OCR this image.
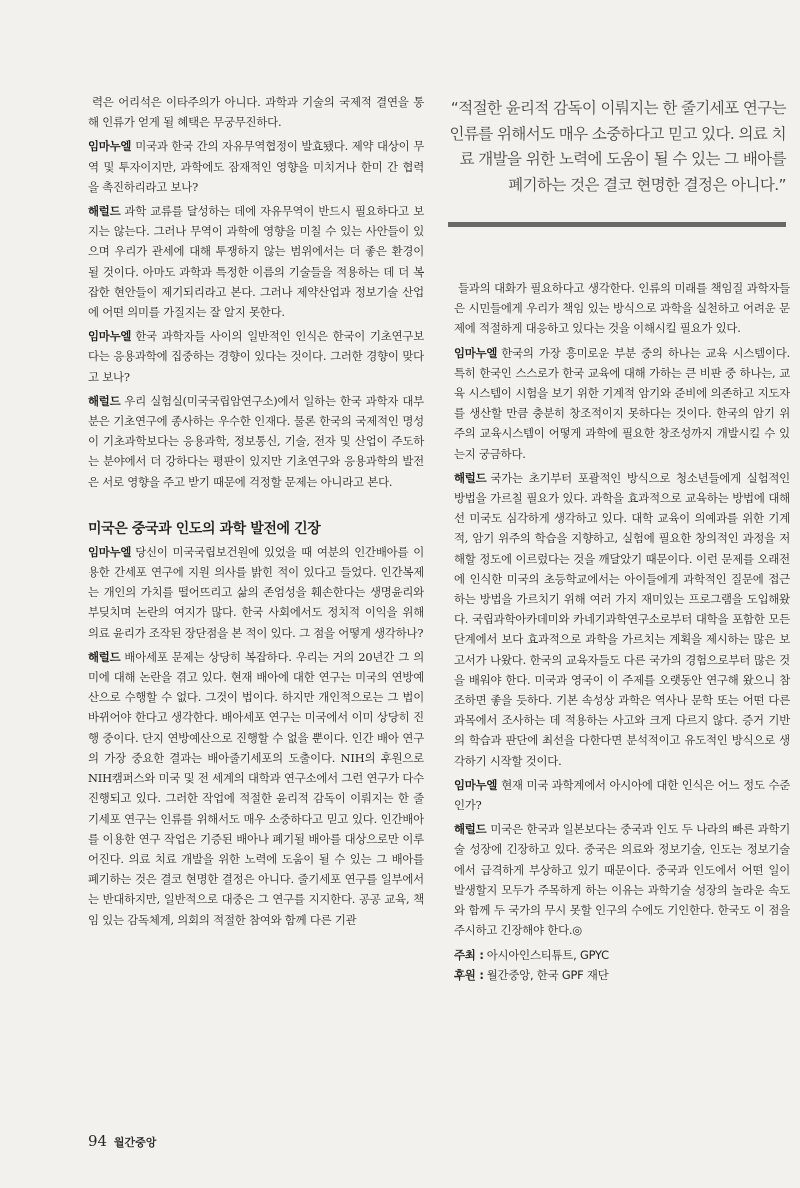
“적절한 윤리적 감독이 이뤄지는 한 줄기세포 연구는 인류를 위해서도 매우 소중하다고 믿고 있다. 의료 치료 개발을 위한 노력에 도움이 될 수 있는 그 배아를 폐기하는 것은 결코 현명한 결정은 아니다.”

력은 어리석은 이타주의가 아니다. 과학과 기술의 국제적 결연을 통해 인류가 얻게 될 혜택은 무궁무진하다.

임마누엘 미국과 한국 간의 자유무역협정이 발효됐다. 제약 대상이 무역 및 투자이지만, 과학에도 잠재적인 영향을 미치거나 한미 간 협력을 촉진하리라고 보나?

해럴드 과학 교류를 달성하는 데에 자유무역이 반드시 필요하다고 보지는 않는다. 그러나 무역이 과학에 영향을 미칠 수 있는 사안들이 있으며 우리가 관세에 대해 투쟁하지 않는 범위에서는 더 좋은 환경이 될 것이다. 아마도 과학과 특정한 이름의 기술들을 적용하는 데 더 복잡한 현안들이 제기되리라고 본다. 그러나 제약산업과 정보기술 산업에 어떤 의미를 가질지는 잘 알지 못한다.

임마누엘 한국 과학자들 사이의 일반적인 인식은 한국이 기초연구보다는 응용과학에 집중하는 경향이 있다는 것이다. 그러한 경향이 맞다고 보나?

해럴드 우리 실험실(미국국립암연구소)에서 일하는 한국 과학자 대부분은 기초연구에 종사하는 우수한 인재다. 물론 한국의 국제적인 명성이 기초과학보다는 응용과학, 정보통신, 기술, 전자 및 산업이 주도하는 분야에서 더 강하다는 평판이 있지만 기초연구와 응용과학의 발전은 서로 영향을 주고 받기 때문에 걱정할 문제는 아니라고 본다.

미국은 중국과 인도의 과학 발전에 긴장

임마누엘 당신이 미국국립보건원에 있었을 때 여분의 인간배아를 이용한 간세포 연구에 지원 의사를 밝힌 적이 있다고 들었다. 인간복제는 개인의 가치를 떨어뜨리고 삶의 존엄성을 훼손한다는 생명윤리와 부딪치며 논란의 여지가 많다. 한국 사회에서도 정치적 이익을 위해 의료 윤리가 조작된 장단점을 본 적이 있다. 그 점을 어떻게 생각하나?

해럴드 배아세포 문제는 상당히 복잡하다. 우리는 거의 20년간 그 의미에 대해 논란을 겪고 있다. 현재 배아에 대한 연구는 미국의 연방예산으로 수행할 수 없다. 그것이 법이다. 하지만 개인적으로는 그 법이 바뀌어야 한다고 생각한다. 배아세포 연구는 미국에서 이미 상당히 진행 중이다. 단지 연방예산으로 진행할 수 없을 뿐이다. 인간 배아 연구의 가장 중요한 결과는 배아줄기세포의 도출이다. NIH의 후원으로 NIH캠퍼스와 미국 및 전 세계의 대학과 연구소에서 그런 연구가 다수 진행되고 있다. 그러한 작업에 적절한 윤리적 감독이 이뤄지는 한 줄기세포 연구는 인류를 위해서도 매우 소중하다고 믿고 있다. 인간배아를 이용한 연구 작업은 기증된 배아나 폐기될 배아를 대상으로만 이루어진다. 의료 치료 개발을 위한 노력에 도움이 될 수 있는 그 배아를 폐기하는 것은 결코 현명한 결정은 아니다. 줄기세포 연구를 일부에서는 반대하지만, 일반적으로 대중은 그 연구를 지지한다. 공공 교육, 책임 있는 감독체계, 의회의 적절한 참여와 함께 다른 기관

들과의 대화가 필요하다고 생각한다. 인류의 미래를 책임질 과학자들은 시민들에게 우리가 책임 있는 방식으로 과학을 실천하고 어려운 문제에 적절하게 대응하고 있다는 것을 이해시킬 필요가 있다.

임마누엘 한국의 가장 흥미로운 부분 중의 하나는 교육 시스템이다. 특히 한국인 스스로가 한국 교육에 대해 가하는 큰 비판 중 하나는, 교육 시스템이 시험을 보기 위한 기계적 암기와 준비에 의존하고 지도자를 생산할 만큼 충분히 창조적이지 못하다는 것이다. 한국의 암기 위주의 교육시스템이 어떻게 과학에 필요한 창조성까지 개발시킬 수 있는지 궁금하다.

해럴드 국가는 초기부터 포괄적인 방식으로 청소년들에게 실험적인 방법을 가르칠 필요가 있다. 과학을 효과적으로 교육하는 방법에 대해선 미국도 심각하게 생각하고 있다. 대학 교육이 의예과를 위한 기계적, 암기 위주의 학습을 지향하고, 실험에 필요한 창의적인 과정을 저해할 정도에 이르렀다는 것을 깨달았기 때문이다. 이런 문제를 오래전에 인식한 미국의 초등학교에서는 아이들에게 과학적인 질문에 접근하는 방법을 가르치기 위해 여러 가지 재미있는 프로그램을 도입해왔다. 국립과학아카데미와 카네기과학연구소로부터 대학을 포함한 모든 단계에서 보다 효과적으로 과학을 가르치는 계획을 제시하는 많은 보고서가 나왔다. 한국의 교육자들도 다른 국가의 경험으로부터 많은 것을 배워야 한다. 미국과 영국이 이 주제를 오랫동안 연구해 왔으니 참조하면 좋을 듯하다. 기본 속성상 과학은 역사나 문학 또는 어떤 다른 과목에서 조사하는 데 적용하는 사고와 크게 다르지 않다. 증거 기반의 학습과 판단에 최선을 다한다면 분석적이고 유도적인 방식으로 생각하기 시작할 것이다.

임마누엘 현재 미국 과학계에서 아시아에 대한 인식은 어느 정도 수준인가?

해럴드 미국은 한국과 일본보다는 중국과 인도 두 나라의 빠른 과학기술 성장에 긴장하고 있다. 중국은 의료와 정보기술, 인도는 정보기술에서 급격하게 부상하고 있기 때문이다. 중국과 인도에서 어떤 일이 발생할지 모두가 주목하게 하는 이유는 과학기술 성장의 놀라운 속도와 함께 두 국가의 무시 못할 인구의 수에도 기인한다. 한국도 이 점을 주시하고 긴장해야 한다.◎

주최 : 아시아인스티튜트, GPYC
후원 : 월간중앙, 한국 GPF 재단
94 월간중앙
